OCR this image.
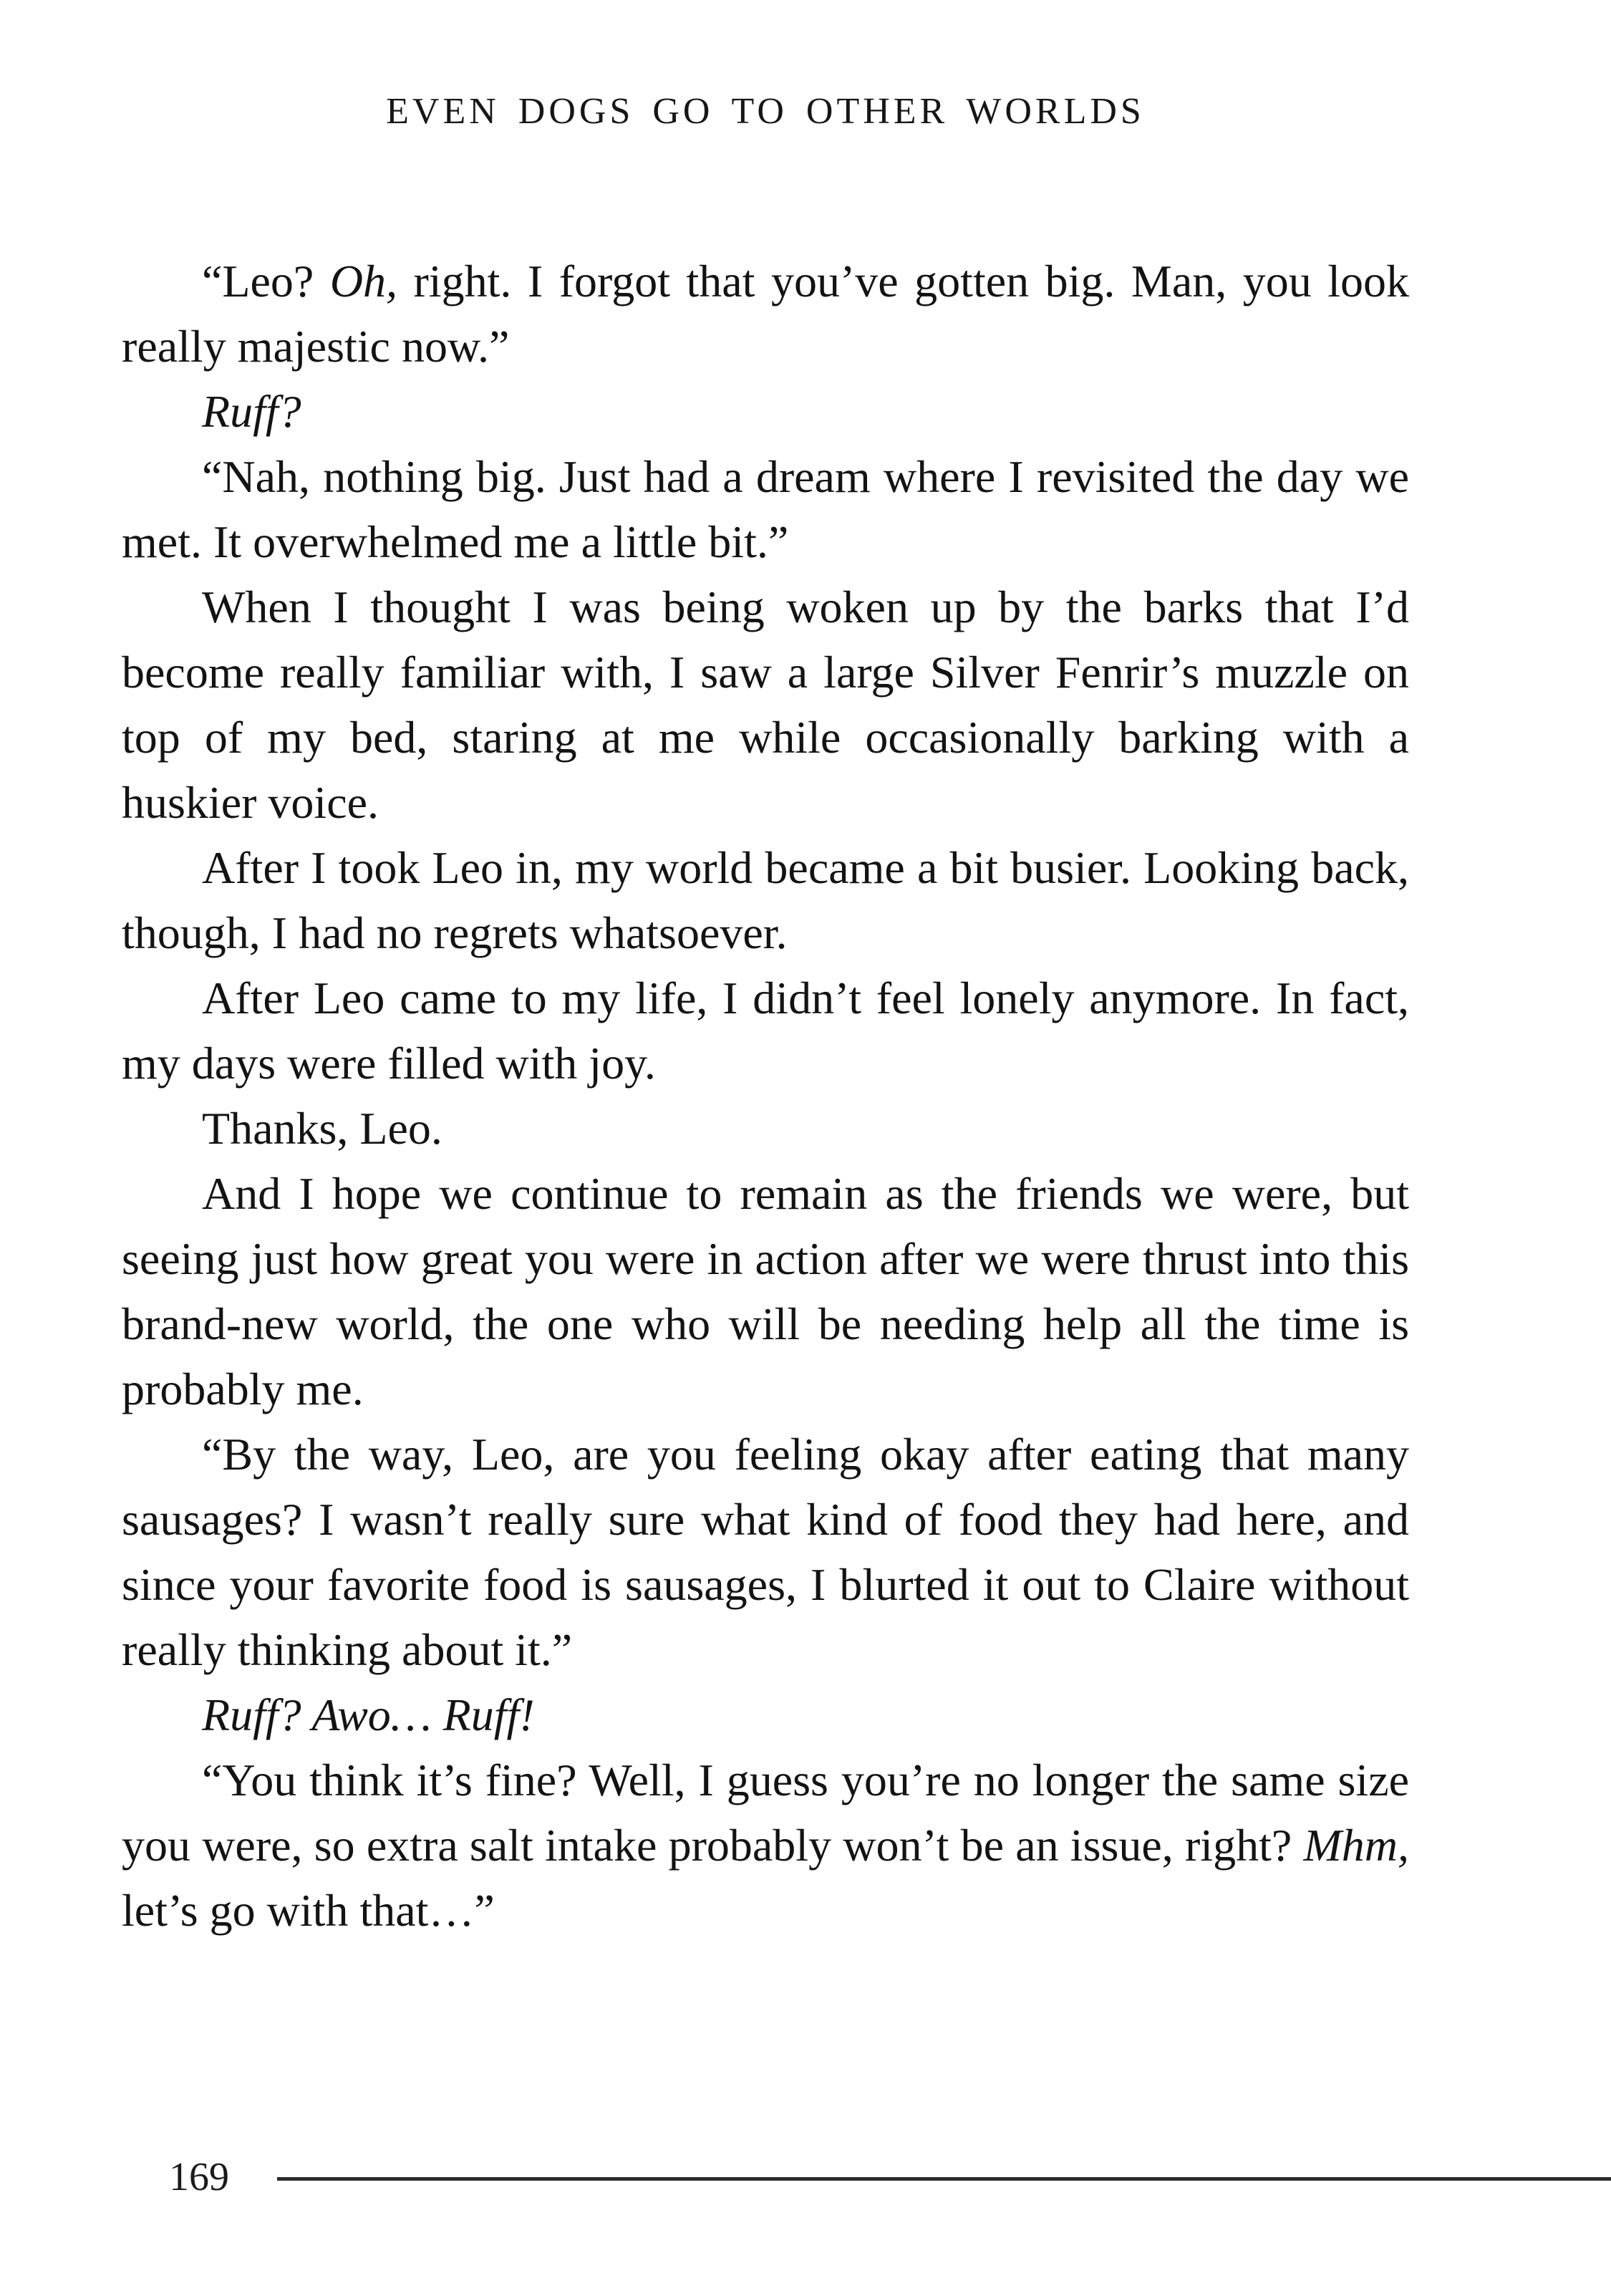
EVEN DOGS GO TO OTHER WORLDS

“Leo? Oh, right. I forgot that you’ve gotten big. Man, you look really majestic now.”

Ruff?

“Nah, nothing big. Just had a dream where I revisited the day we met. It overwhelmed me a little bit.”

When I thought I was being woken up by the barks that I’d become really familiar with, I saw a large Silver Fenrir’s muzzle on top of my bed, staring at me while occasionally barking with a huskier voice.

After I took Leo in, my world became a bit busier. Looking back, though, I had no regrets whatsoever.

After Leo came to my life, I didn’t feel lonely anymore. In fact, my days were filled with joy.

Thanks, Leo.

And I hope we continue to remain as the friends we were, but seeing just how great you were in action after we were thrust into this brand-new world, the one who will be needing help all the time is probably me.

“By the way, Leo, are you feeling okay after eating that many sausages? I wasn’t really sure what kind of food they had here, and since your favorite food is sausages, I blurted it out to Claire without really thinking about it.”

Ruff? Awo… Ruff!

“You think it’s fine? Well, I guess you’re no longer the same size you were, so extra salt intake probably won’t be an issue, right? Mhm, let’s go with that…”

169
